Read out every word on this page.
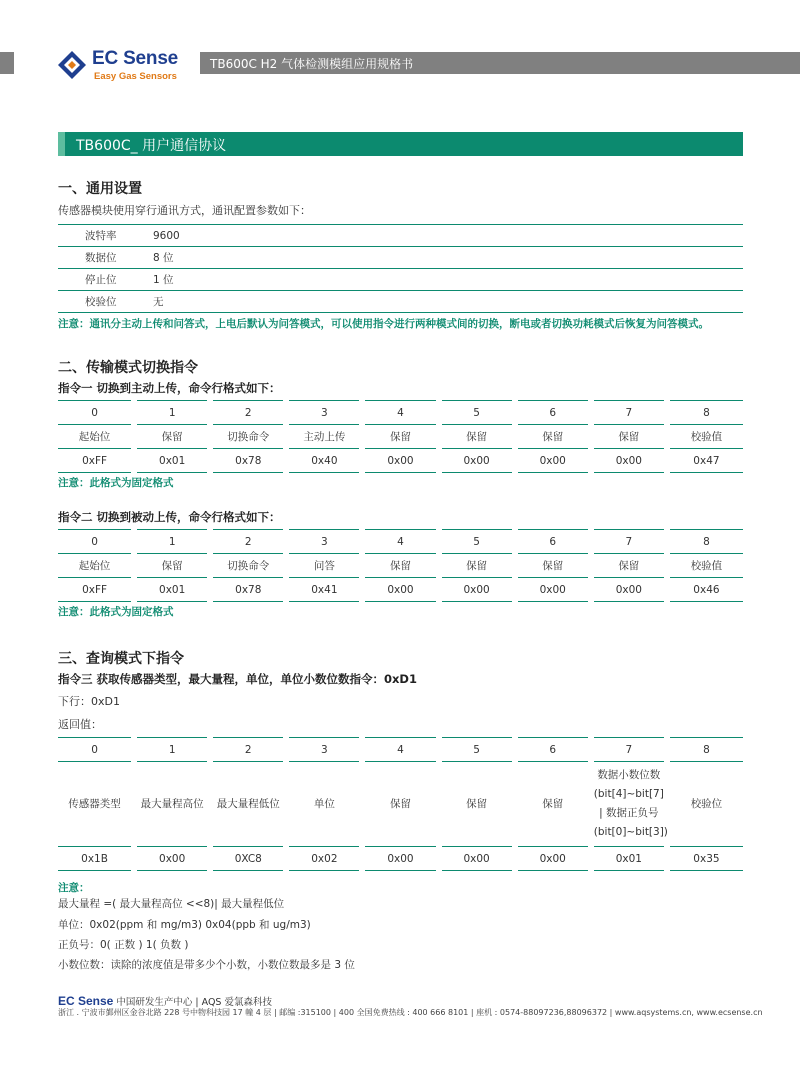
EC Sense
Easy Gas Sensors
TB600C H2 气体检测模组应用规格书
TB600C_ 用户通信协议
一、通用设置
传感器模块使用穿行通讯方式，通讯配置参数如下：
波特率	9600
数据位	8 位
停止位	1 位
校验位	无
注意：通讯分主动上传和问答式，上电后默认为问答模式，可以使用指令进行两种模式间的切换，断电或者切换功耗模式后恢复为问答模式。
二、传输模式切换指令
指令一 切换到主动上传，命令行格式如下：
0	1	2	3	4	5	6	7	8
起始位	保留	切换命令	主动上传	保留	保留	保留	保留	校验值
0xFF	0x01	0x78	0x40	0x00	0x00	0x00	0x00	0x47
注意：此格式为固定格式
指令二 切换到被动上传，命令行格式如下：
0	1	2	3	4	5	6	7	8
起始位	保留	切换命令	问答	保留	保留	保留	保留	校验值
0xFF	0x01	0x78	0x41	0x00	0x00	0x00	0x00	0x46
注意：此格式为固定格式
三、查询模式下指令
指令三 获取传感器类型，最大量程，单位，单位小数位数指令：0xD1
下行：0xD1
返回值：
0	1	2	3	4	5	6	7	8
传感器类型	最大量程高位	最大量程低位	单位	保留	保留	保留	数据小数位数 (bit[4]~bit[7] | 数据正负号 (bit[0]~bit[3])	校验位
0x1B	0x00	0XC8	0x02	0x00	0x00	0x00	0x01	0x35
注意：
最大量程 =( 最大量程高位 <<8)| 最大量程低位
单位：0x02(ppm 和 mg/m3) 0x04(ppb 和 ug/m3)
正负号：0( 正数 ) 1( 负数 )
小数位数：读除的浓度值是带多少个小数，小数位数最多是 3 位
EC Sense 中国研发生产中心 | AQS 爱氯森科技
浙江 . 宁波市鄞州区金谷北路 228 号中物科技园 17 幢 4 层 | 邮编 :315100 | 400 全国免费热线 : 400 666 8101 | 座机 : 0574-88097236,88096372 | www.aqsystems.cn, www.ecsense.cn
